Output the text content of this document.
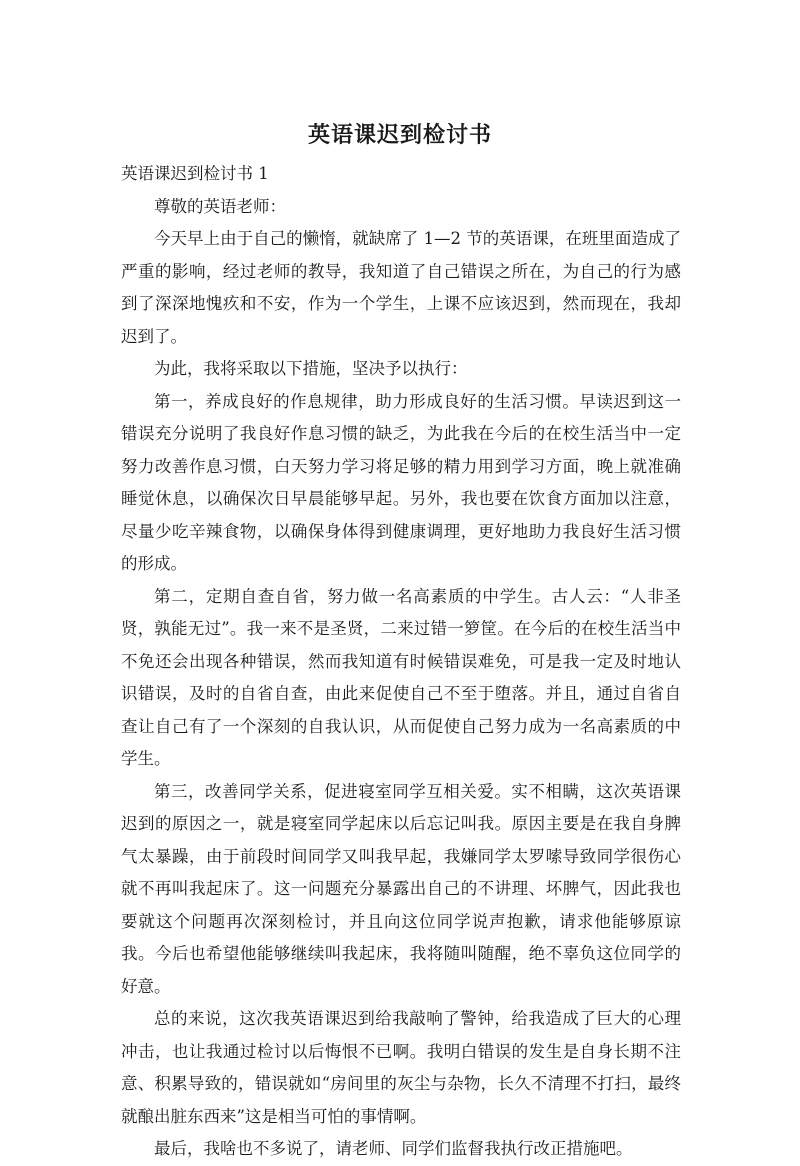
英语课迟到检讨书

英语课迟到检讨书 1

尊敬的英语老师：

今天早上由于自己的懒惰，就缺席了 1—2 节的英语课，在班里面造成了严重的影响，经过老师的教导，我知道了自己错误之所在，为自己的行为感到了深深地愧疚和不安，作为一个学生，上课不应该迟到，然而现在，我却迟到了。

为此，我将采取以下措施，坚决予以执行：

第一，养成良好的作息规律，助力形成良好的生活习惯。早读迟到这一错误充分说明了我良好作息习惯的缺乏，为此我在今后的在校生活当中一定努力改善作息习惯，白天努力学习将足够的精力用到学习方面，晚上就准确睡觉休息，以确保次日早晨能够早起。另外，我也要在饮食方面加以注意，尽量少吃辛辣食物，以确保身体得到健康调理，更好地助力我良好生活习惯的形成。

第二，定期自查自省，努力做一名高素质的中学生。古人云：“人非圣贤，孰能无过”。我一来不是圣贤，二来过错一箩筐。在今后的在校生活当中不免还会出现各种错误，然而我知道有时候错误难免，可是我一定及时地认识错误，及时的自省自查，由此来促使自己不至于堕落。并且，通过自省自查让自己有了一个深刻的自我认识，从而促使自己努力成为一名高素质的中学生。

第三，改善同学关系，促进寝室同学互相关爱。实不相瞒，这次英语课迟到的原因之一，就是寝室同学起床以后忘记叫我。原因主要是在我自身脾气太暴躁，由于前段时间同学又叫我早起，我嫌同学太罗嗦导致同学很伤心就不再叫我起床了。这一问题充分暴露出自己的不讲理、坏脾气，因此我也要就这个问题再次深刻检讨，并且向这位同学说声抱歉，请求他能够原谅我。今后也希望他能够继续叫我起床，我将随叫随醒，绝不辜负这位同学的好意。

总的来说，这次我英语课迟到给我敲响了警钟，给我造成了巨大的心理冲击，也让我通过检讨以后悔恨不已啊。我明白错误的发生是自身长期不注意、积累导致的，错误就如“房间里的灰尘与杂物，长久不清理不打扫，最终就酿出脏东西来”这是相当可怕的事情啊。

最后，我啥也不多说了，请老师、同学们监督我执行改正措施吧。
